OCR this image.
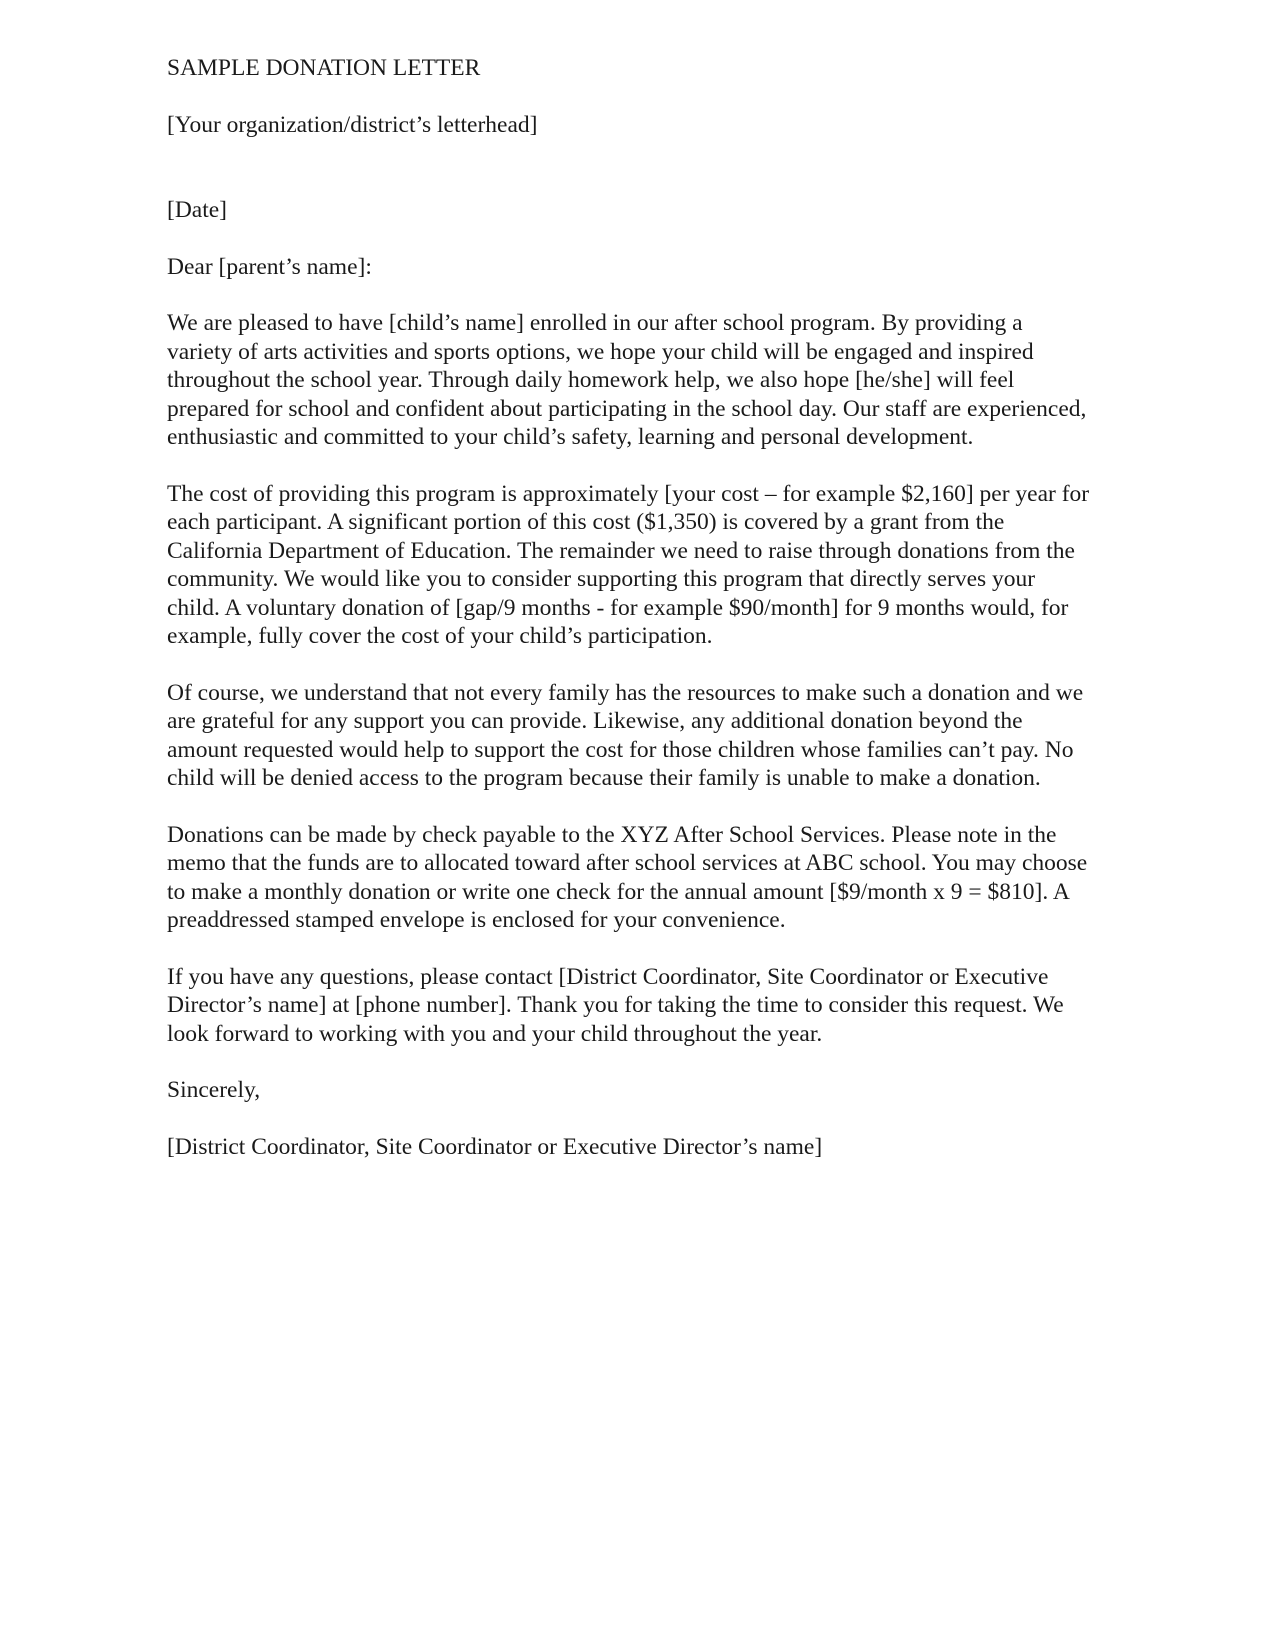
SAMPLE DONATION LETTER
[Your organization/district’s letterhead]
[Date]
Dear [parent’s name]:
We are pleased to have [child’s name] enrolled in our after school program. By providing a
variety of arts activities and sports options, we hope your child will be engaged and inspired
throughout the school year. Through daily homework help, we also hope [he/she] will feel
prepared for school and confident about participating in the school day. Our staff are experienced,
enthusiastic and committed to your child’s safety, learning and personal development.
The cost of providing this program is approximately [your cost – for example $2,160] per year for
each participant. A significant portion of this cost ($1,350) is covered by a grant from the
California Department of Education. The remainder we need to raise through donations from the
community. We would like you to consider supporting this program that directly serves your
child. A voluntary donation of [gap/9 months - for example $90/month] for 9 months would, for
example, fully cover the cost of your child’s participation.
Of course, we understand that not every family has the resources to make such a donation and we
are grateful for any support you can provide. Likewise, any additional donation beyond the
amount requested would help to support the cost for those children whose families can’t pay. No
child will be denied access to the program because their family is unable to make a donation.
Donations can be made by check payable to the XYZ After School Services. Please note in the
memo that the funds are to allocated toward after school services at ABC school. You may choose
to make a monthly donation or write one check for the annual amount [$9/month x 9 = $810]. A
preaddressed stamped envelope is enclosed for your convenience.
If you have any questions, please contact [District Coordinator, Site Coordinator or Executive
Director’s name] at [phone number]. Thank you for taking the time to consider this request. We
look forward to working with you and your child throughout the year.
Sincerely,
[District Coordinator, Site Coordinator or Executive Director’s name]
